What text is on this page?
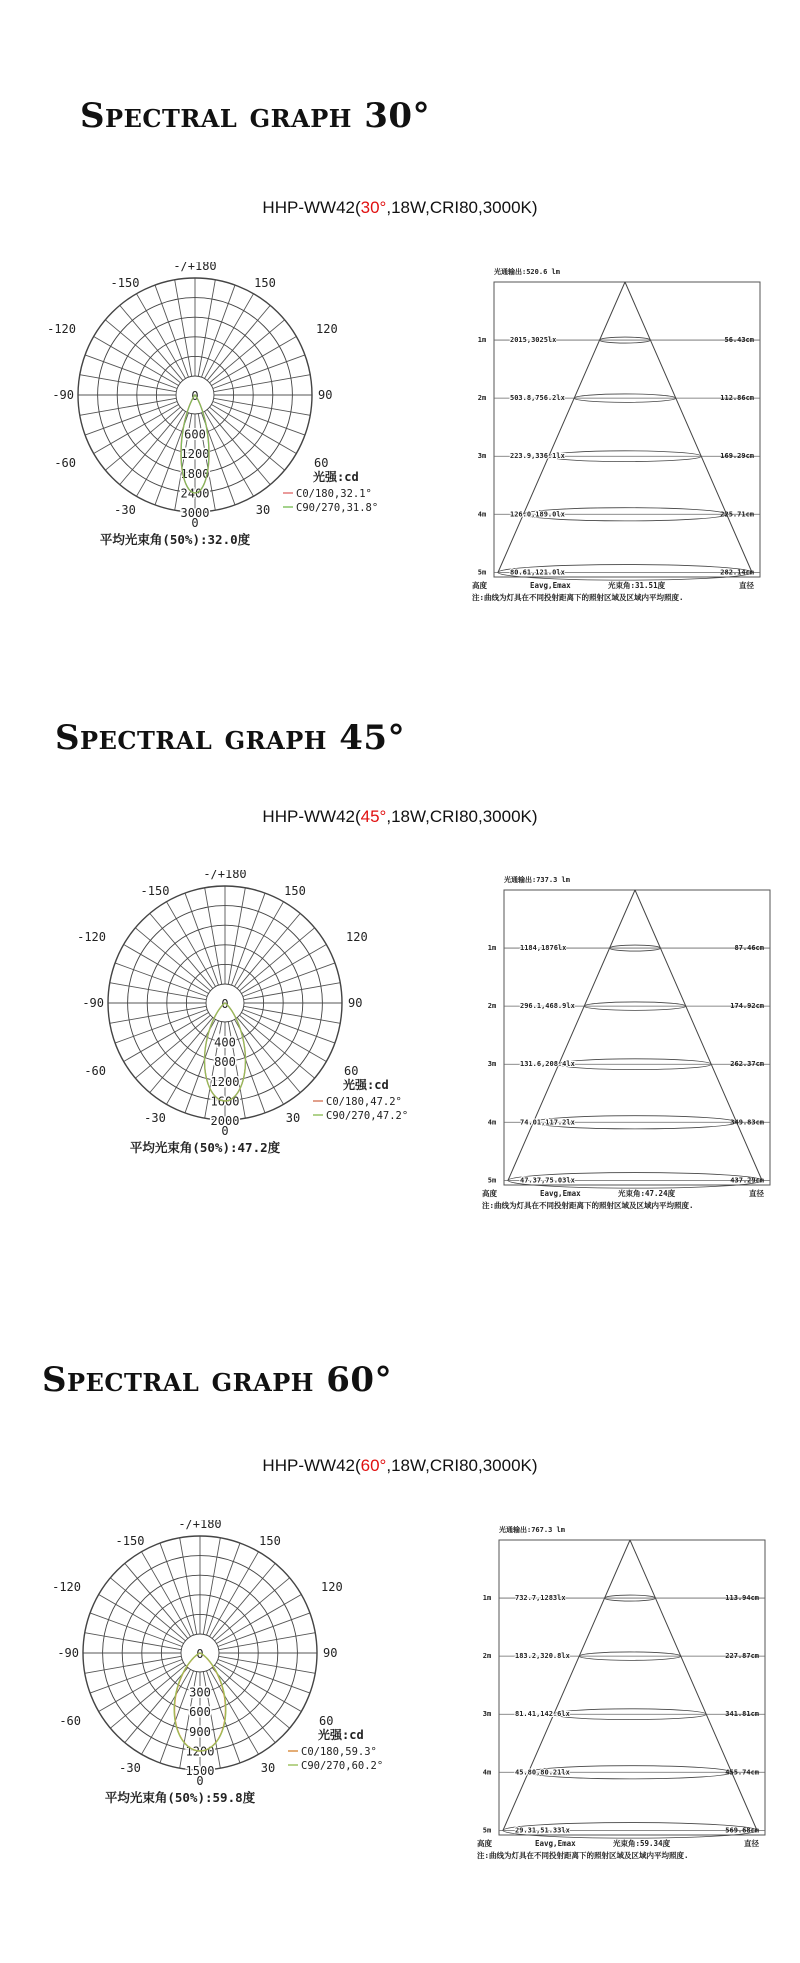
Spectral graph 30°
HHP-WW42(30°,18W,CRI80,3000K)
0
600
1200
1800
2400
3000
-/+180
-150	150
-120	120
-90	90
-60	60
-30	30
0
光强:cd
C0/180,32.1°
C90/270,31.8°
平均光束角(50%):32.0度
光通输出:520.6 lm
1m	2015,3025lx	56.43cm
2m	503.8,756.2lx	112.86cm
3m	223.9,336.1lx	169.29cm
4m	126.0,189.0lx	225.71cm
5m	80.61,121.0lx	282.14cm
高度	Eavg,Emax	光束角:31.51度	直径
注:曲线为灯具在不同投射距离下的照射区域及区域内平均照度.
Spectral graph 45°
HHP-WW42(45°,18W,CRI80,3000K)
0
400
800
1200
1600
2000
-/+180
-150	150
-120	120
-90	90
-60	60
-30	30
0
光强:cd
C0/180,47.2°
C90/270,47.2°
平均光束角(50%):47.2度
光通输出:737.3 lm
1m	1184,1876lx	87.46cm
2m	296.1,468.9lx	174.92cm
3m	131.6,208.4lx	262.37cm
4m	74.01,117.2lx	349.83cm
5m	47.37,75.03lx	437.29cm
高度	Eavg,Emax	光束角:47.24度	直径
注:曲线为灯具在不同投射距离下的照射区域及区域内平均照度.
Spectral graph 60°
HHP-WW42(60°,18W,CRI80,3000K)
0
300
600
900
1200
1500
-/+180
-150	150
-120	120
-90	90
-60	60
-30	30
0
光强:cd
C0/180,59.3°
C90/270,60.2°
平均光束角(50%):59.8度
光通输出:767.3 lm
1m	732.7,1283lx	113.94cm
2m	183.2,320.8lx	227.87cm
3m	81.41,142.6lx	341.81cm
4m	45.80,80.21lx	455.74cm
5m	29.31,51.33lx	569.68cm
高度	Eavg,Emax	光束角:59.34度	直径
注:曲线为灯具在不同投射距离下的照射区域及区域内平均照度.
